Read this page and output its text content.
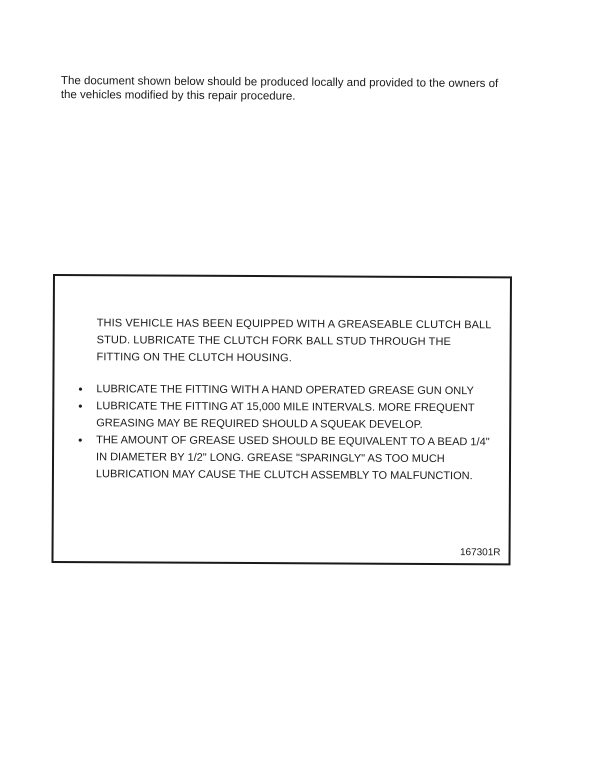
The document shown below should be produced locally and provided to the owners of
the vehicles modified by this repair procedure.

THIS VEHICLE HAS BEEN EQUIPPED WITH A GREASEABLE CLUTCH BALL STUD. LUBRICATE THE CLUTCH FORK BALL STUD THROUGH THE FITTING ON THE CLUTCH HOUSING.

• LUBRICATE THE FITTING WITH A HAND OPERATED GREASE GUN ONLY
• LUBRICATE THE FITTING AT 15,000 MILE INTERVALS. MORE FREQUENT GREASING MAY BE REQUIRED SHOULD A SQUEAK DEVELOP.
• THE AMOUNT OF GREASE USED SHOULD BE EQUIVALENT TO A BEAD 1/4" IN DIAMETER BY 1/2" LONG. GREASE "SPARINGLY" AS TOO MUCH LUBRICATION MAY CAUSE THE CLUTCH ASSEMBLY TO MALFUNCTION.
167301R
